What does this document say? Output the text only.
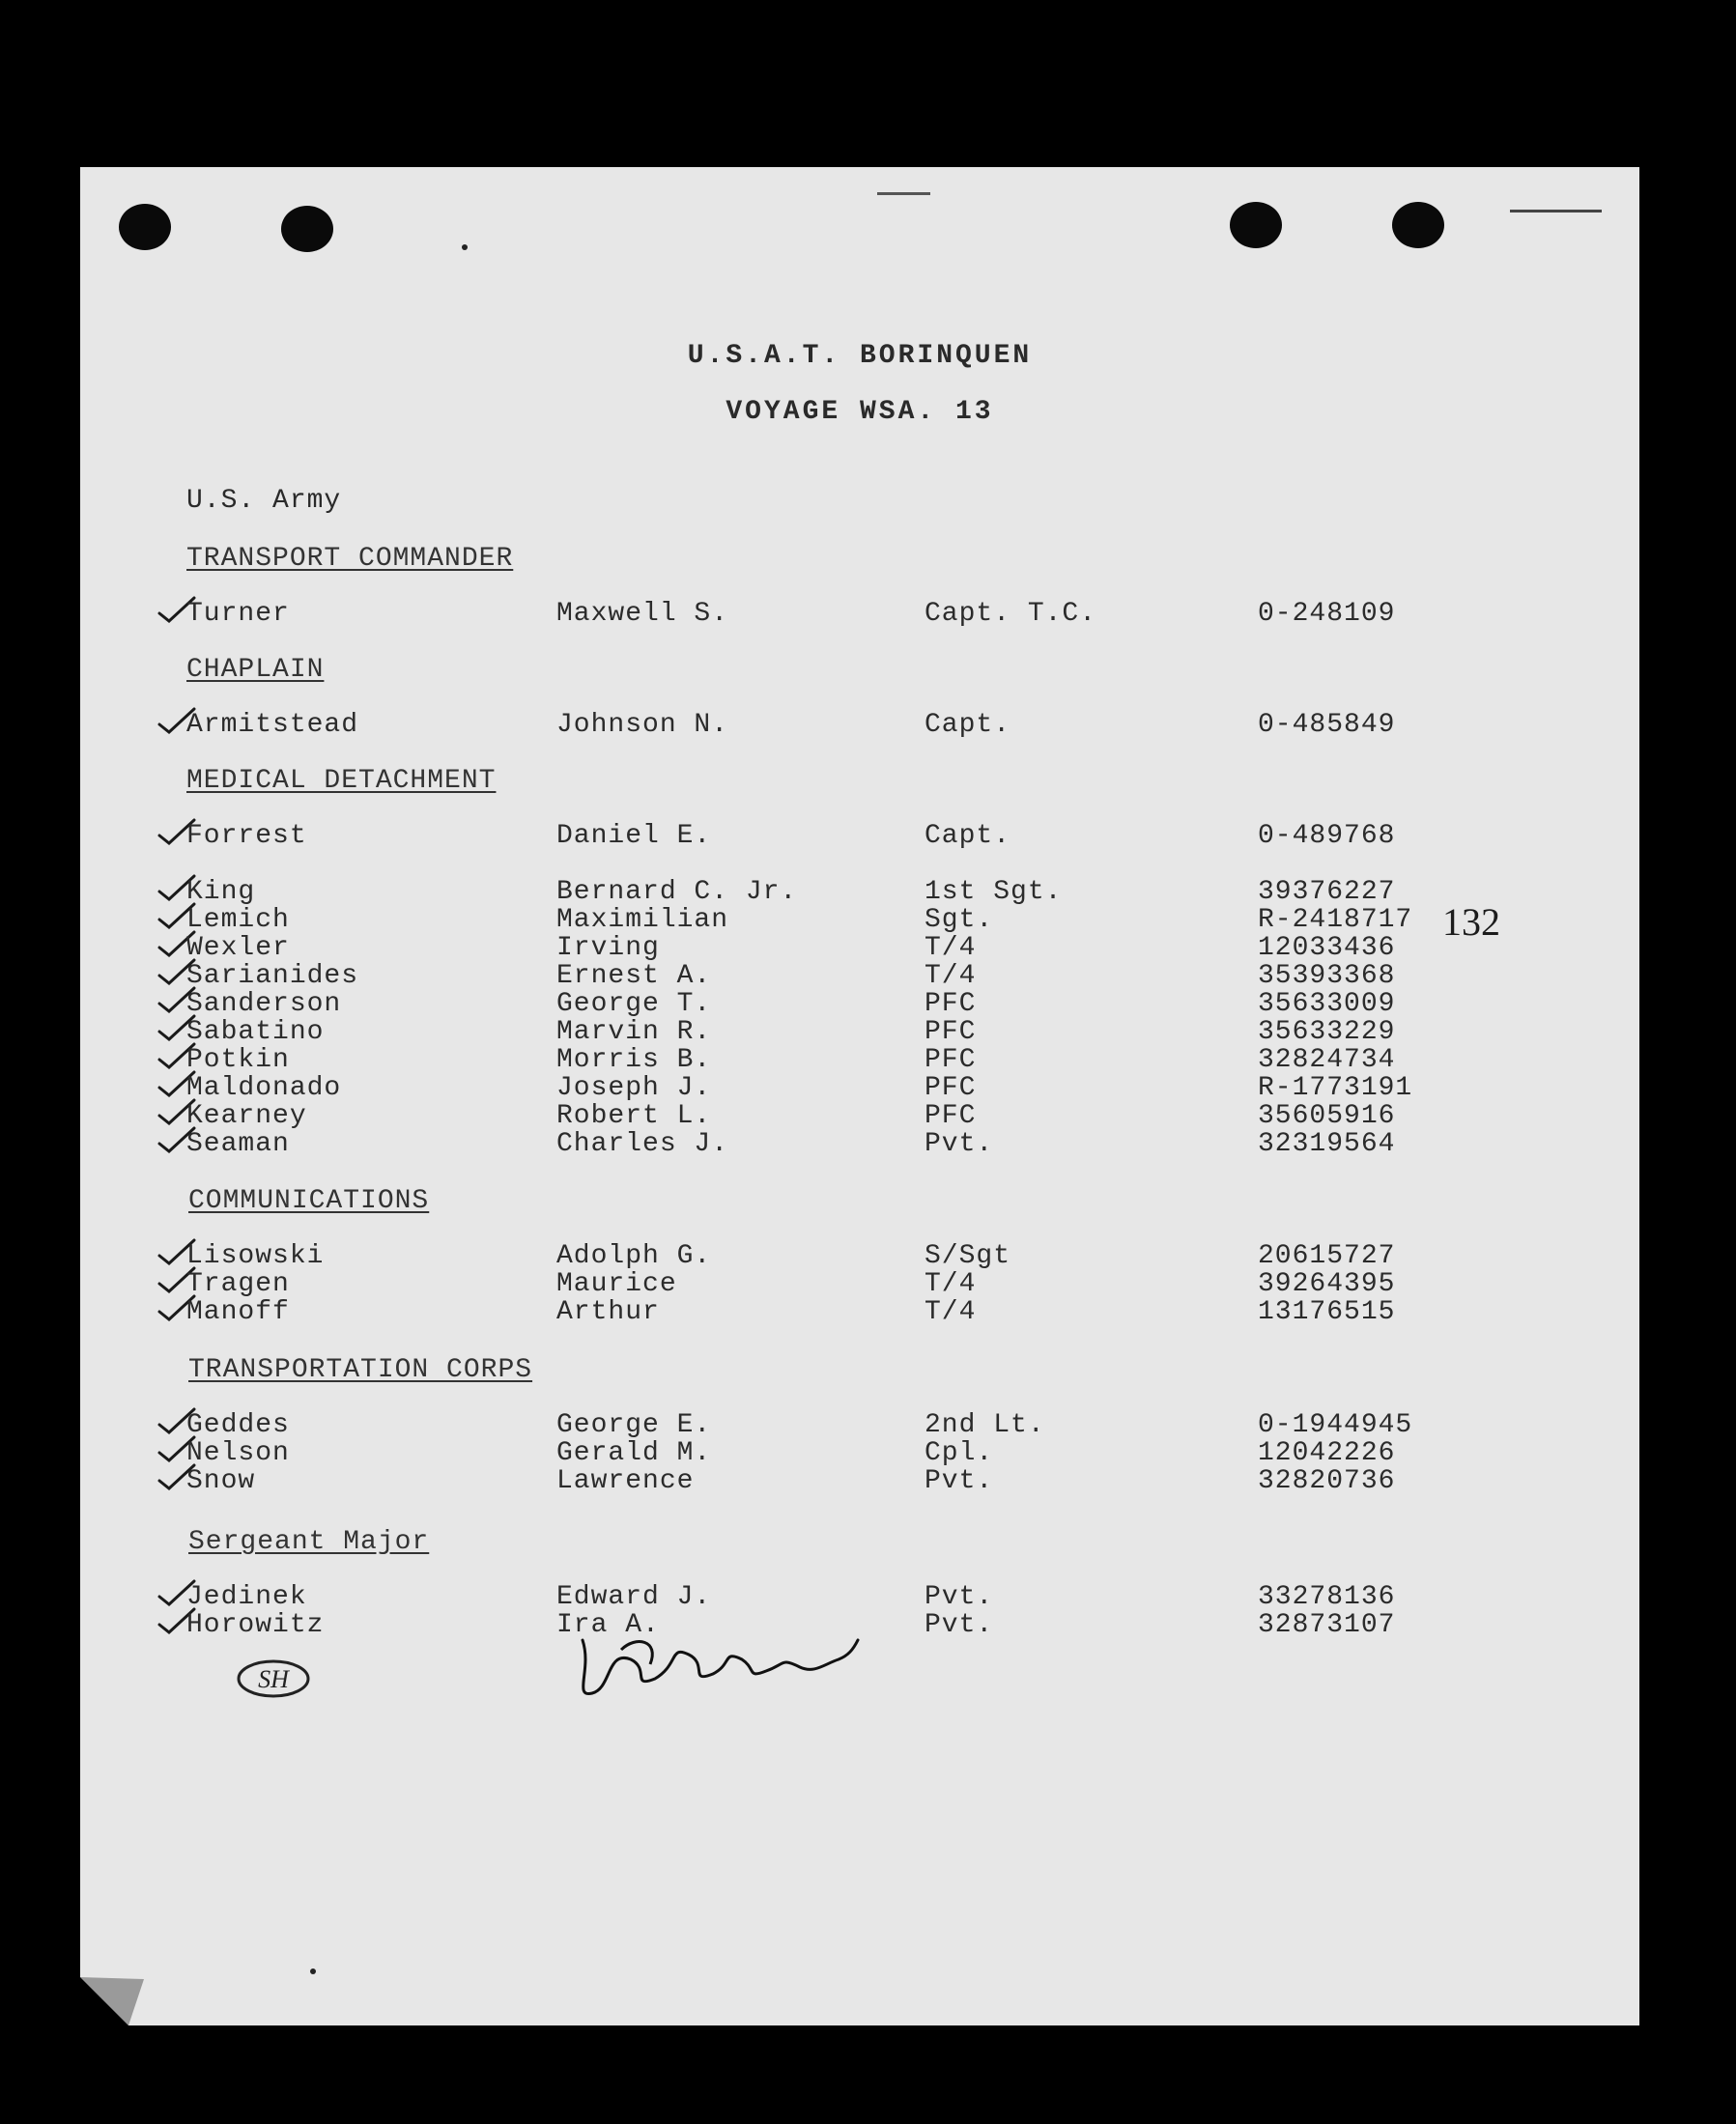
U.S.A.T. BORINQUEN
VOYAGE WSA. 13
U.S. Army
132
SH
TRANSPORT COMMANDER
Turner	Maxwell S.	Capt. T.C.	0-248109
CHAPLAIN
Armitstead	Johnson N.	Capt.	0-485849
MEDICAL DETACHMENT
Forrest	Daniel E.	Capt.	0-489768
King	Bernard C. Jr.	1st Sgt.	39376227
Lemich	Maximilian	Sgt.	R-2418717
Wexler	Irving	T/4	12033436
Sarianides	Ernest A.	T/4	35393368
Sanderson	George T.	PFC	35633009
Sabatino	Marvin R.	PFC	35633229
Potkin	Morris B.	PFC	32824734
Maldonado	Joseph J.	PFC	R-1773191
Kearney	Robert L.	PFC	35605916
Seaman	Charles J.	Pvt.	32319564
COMMUNICATIONS
Lisowski	Adolph G.	S/Sgt	20615727
Tragen	Maurice	T/4	39264395
Manoff	Arthur	T/4	13176515
TRANSPORTATION CORPS
Geddes	George E.	2nd Lt.	0-1944945
Nelson	Gerald M.	Cpl.	12042226
Snow	Lawrence	Pvt.	32820736
Sergeant Major
Jedinek	Edward J.	Pvt.	33278136
Horowitz	Ira A.	Pvt.	32873107
